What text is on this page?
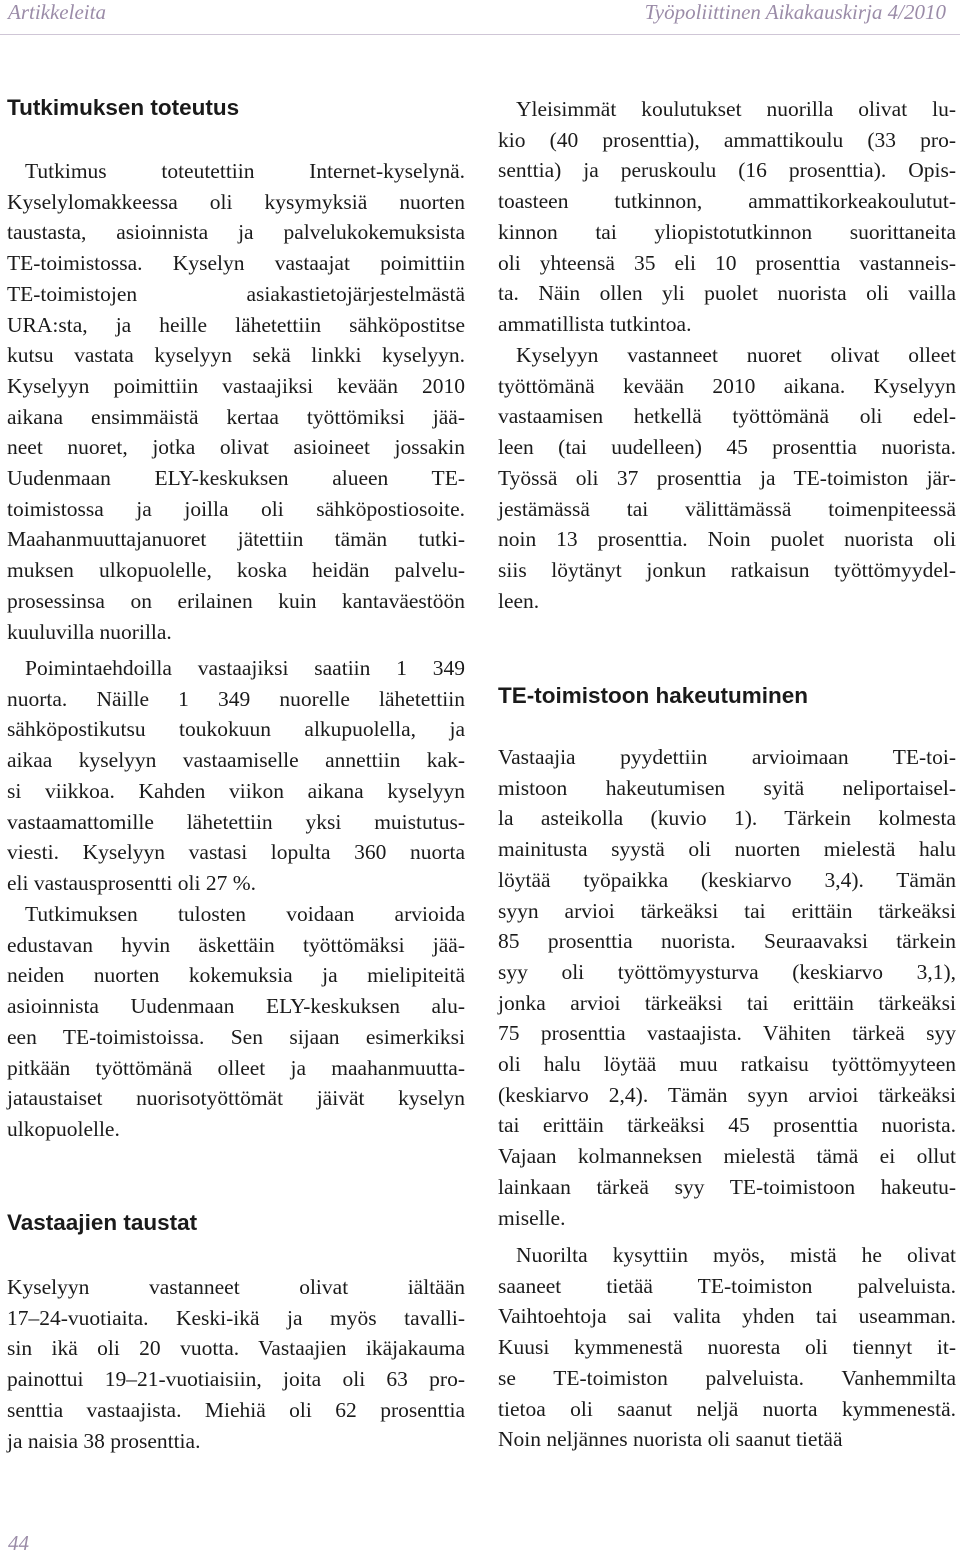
Artikkeleita	Työpoliittinen Aikakauskirja 4/2010
Tutkimuksen toteutus
Tutkimus toteutettiin Internet-kyselynä.
Kyselylomakkeessa oli kysymyksiä nuorten
taustasta, asioinnista ja palvelukokemuksista
TE-toimistossa. Kyselyn vastaajat poimittiin
TE-toimistojen asiakastietojärjestelmästä
URA:sta, ja heille lähetettiin sähköpostitse
kutsu vastata kyselyyn sekä linkki kyselyyn.
Kyselyyn poimittiin vastaajiksi kevään 2010
aikana ensimmäistä kertaa työttömiksi jää-
neet nuoret, jotka olivat asioineet jossakin
Uudenmaan ELY-keskuksen alueen TE-
toimistossa ja joilla oli sähköpostiosoite.
Maahanmuuttajanuoret jätettiin tämän tutki-
muksen ulkopuolelle, koska heidän palvelu-
prosessinsa on erilainen kuin kantaväestöön
kuuluvilla nuorilla.
Poimintaehdoilla vastaajiksi saatiin 1 349
nuorta. Näille 1 349 nuorelle lähetettiin
sähköpostikutsu toukokuun alkupuolella, ja
aikaa kyselyyn vastaamiselle annettiin kak-
si viikkoa. Kahden viikon aikana kyselyyn
vastaamattomille lähetettiin yksi muistutus-
viesti. Kyselyyn vastasi lopulta 360 nuorta
eli vastausprosentti oli 27 %.
Tutkimuksen tulosten voidaan arvioida
edustavan hyvin äskettäin työttömäksi jää-
neiden nuorten kokemuksia ja mielipiteitä
asioinnista Uudenmaan ELY-keskuksen alu-
een TE-toimistoissa. Sen sijaan esimerkiksi
pitkään työttömänä olleet ja maahanmuutta-
jataustaiset nuorisotyöttömät jäivät kyselyn
ulkopuolelle.
Vastaajien taustat
Kyselyyn vastanneet olivat iältään
17–24-vuotiaita. Keski-ikä ja myös tavalli-
sin ikä oli 20 vuotta. Vastaajien ikäjakauma
painottui 19–21-vuotiaisiin, joita oli 63 pro-
senttia vastaajista. Miehiä oli 62 prosenttia
ja naisia 38 prosenttia.
Yleisimmät koulutukset nuorilla olivat lu-
kio (40 prosenttia), ammattikoulu (33 pro-
senttia) ja peruskoulu (16 prosenttia). Opis-
toasteen tutkinnon, ammattikorkeakoulutut-
kinnon tai yliopistotutkinnon suorittaneita
oli yhteensä 35 eli 10 prosenttia vastanneis-
ta. Näin ollen yli puolet nuorista oli vailla
ammatillista tutkintoa.
Kyselyyn vastanneet nuoret olivat olleet
työttömänä kevään 2010 aikana. Kyselyyn
vastaamisen hetkellä työttömänä oli edel-
leen (tai uudelleen) 45 prosenttia nuorista.
Työssä oli 37 prosenttia ja TE-toimiston jär-
jestämässä tai välittämässä toimenpiteessä
noin 13 prosenttia. Noin puolet nuorista oli
siis löytänyt jonkun ratkaisun työttömyydel-
leen.
TE-toimistoon hakeutuminen
Vastaajia pyydettiin arvioimaan TE-toi-
mistoon hakeutumisen syitä neliportaisel-
la asteikolla (kuvio 1). Tärkein kolmesta
mainitusta syystä oli nuorten mielestä halu
löytää työpaikka (keskiarvo 3,4). Tämän
syyn arvioi tärkeäksi tai erittäin tärkeäksi
85 prosenttia nuorista. Seuraavaksi tärkein
syy oli työttömyysturva (keskiarvo 3,1),
jonka arvioi tärkeäksi tai erittäin tärkeäksi
75 prosenttia vastaajista. Vähiten tärkeä syy
oli halu löytää muu ratkaisu työttömyyteen
(keskiarvo 2,4). Tämän syyn arvioi tärkeäksi
tai erittäin tärkeäksi 45 prosenttia nuorista.
Vajaan kolmanneksen mielestä tämä ei ollut
lainkaan tärkeä syy TE-toimistoon hakeutu-
miselle.
Nuorilta kysyttiin myös, mistä he olivat
saaneet tietää TE-toimiston palveluista.
Vaihtoehtoja sai valita yhden tai useamman.
Kuusi kymmenestä nuoresta oli tiennyt it-
se TE-toimiston palveluista. Vanhemmilta
tietoa oli saanut neljä nuorta kymmenestä.
Noin neljännes nuorista oli saanut tietää
44
